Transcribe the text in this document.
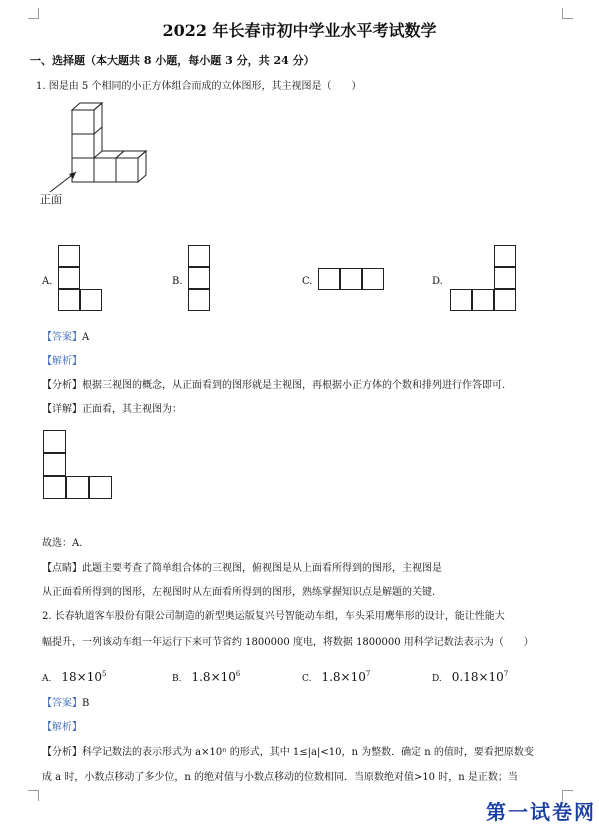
2022 年长春市初中学业水平考试数学
一、选择题（本大题共 8 小题，每小题 3 分，共 24 分）
1. 图是由 5 个相同的小正方体组合而成的立体图形，其主视图是（　　）
正面
A.	B.	C.	D.
【答案】A
【解析】
【分析】根据三视图的概念，从正面看到的图形就是主视图，再根据小正方体的个数和排列进行作答即可.
【详解】正面看，其主视图为：
故选：A.
【点睛】此题主要考查了简单组合体的三视图，俯视图是从上面看所得到的图形，主视图是
从正面看所得到的图形，左视图时从左面看所得到的图形，熟练掌握知识点是解题的关键.
2. 长春轨道客车股份有限公司制造的新型奥运版复兴号智能动车组，车头采用鹰隼形的设计，能让性能大
幅提升，一列该动车组一年运行下来可节省约 1800000 度电，将数据 1800000 用科学记数法表示为（　　）
A. $18\times 10^5$	B. $1.8\times 10^6$	C. $1.8\times 10^7$	D. $0.18\times 10^7$
【答案】B
【解析】
【分析】科学记数法的表示形式为 a×10ⁿ 的形式，其中 1≤|a|<10，n 为整数．确定 n 的值时，要看把原数变
成 a 时，小数点移动了多少位，n 的绝对值与小数点移动的位数相同．当原数绝对值>10 时，n 是正数；当
第一试卷网
